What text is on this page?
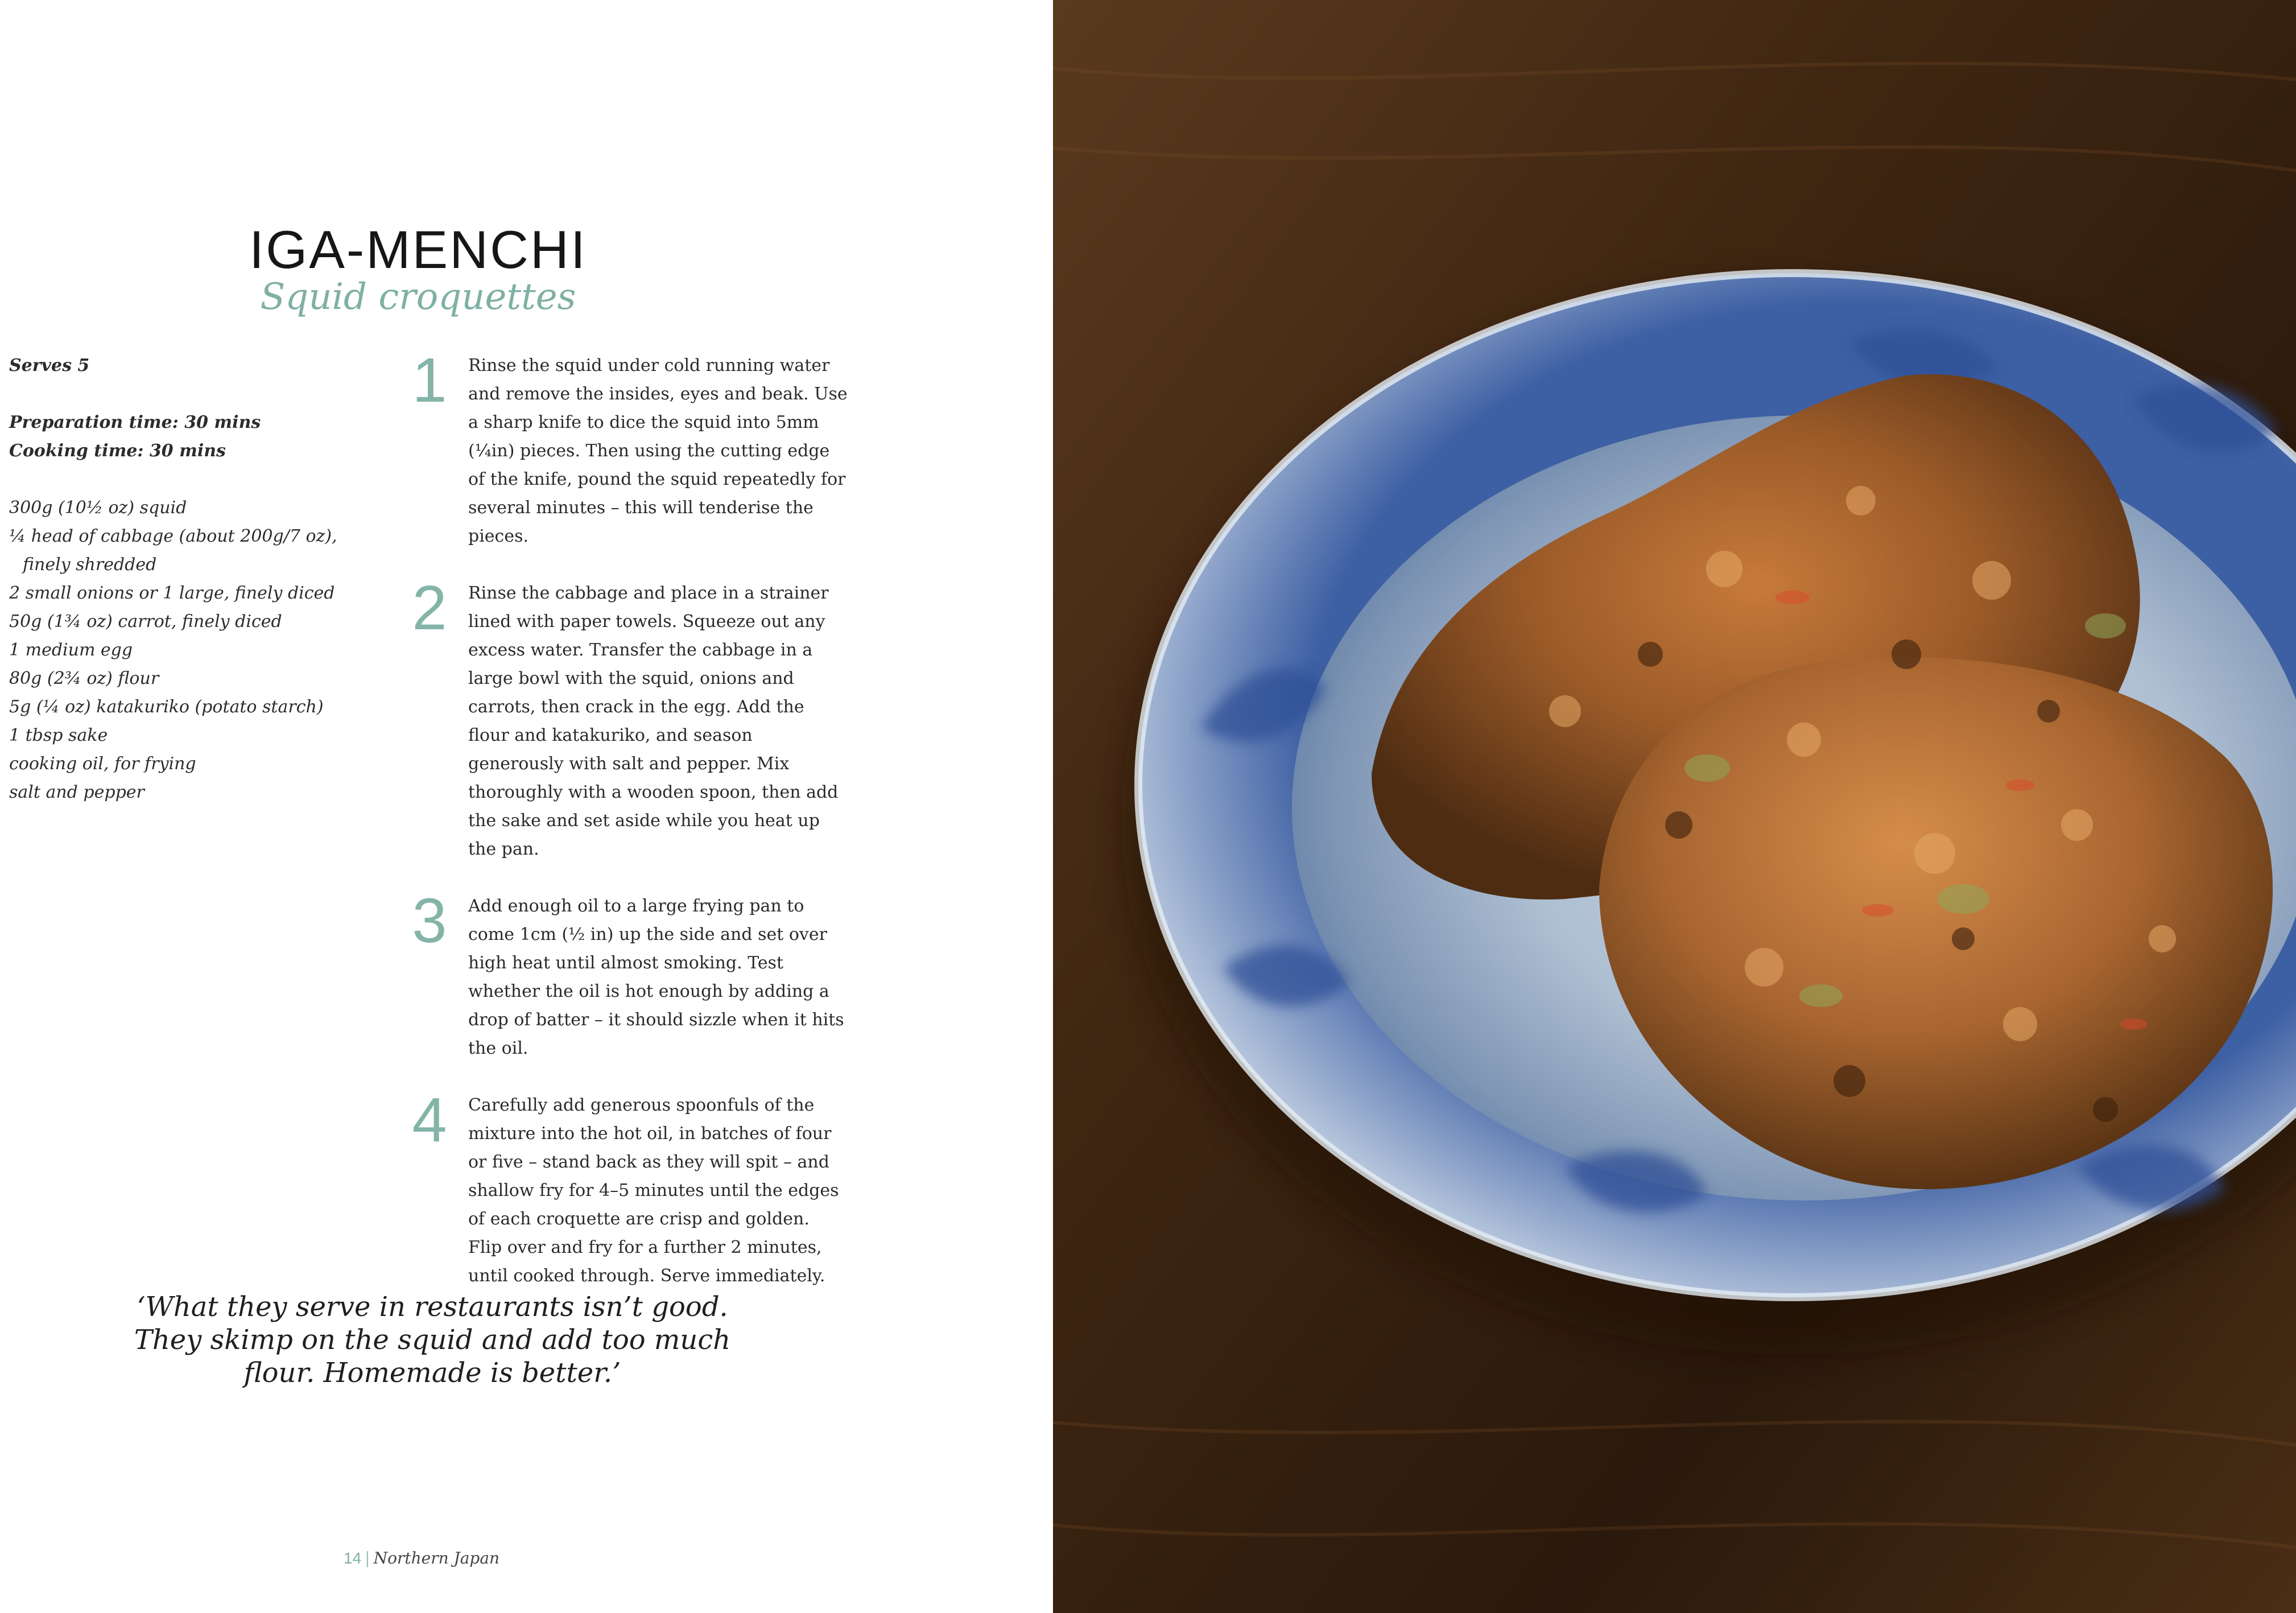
IGA-MENCHI
Squid croquettes
Serves 5
Preparation time: 30 mins
Cooking time: 30 mins
300g (10½ oz) squid
¼ head of cabbage (about 200g/7 oz),
finely shredded
2 small onions or 1 large, finely diced
50g (1¾ oz) carrot, finely diced
1 medium egg
80g (2¾ oz) flour
5g (¼ oz) katakuriko (potato starch)
1 tbsp sake
cooking oil, for frying
salt and pepper
1	Rinse the squid under cold running water and remove the insides, eyes and beak. Use a sharp knife to dice the squid into 5mm (¼in) pieces. Then using the cutting edge of the knife, pound the squid repeatedly for several minutes – this will tenderise the pieces.
2	Rinse the cabbage and place in a strainer lined with paper towels. Squeeze out any excess water. Transfer the cabbage in a large bowl with the squid, onions and carrots, then crack in the egg. Add the flour and katakuriko, and season generously with salt and pepper. Mix thoroughly with a wooden spoon, then add the sake and set aside while you heat up the pan.
3	Add enough oil to a large frying pan to come 1cm (½ in) up the side and set over high heat until almost smoking. Test whether the oil is hot enough by adding a drop of batter – it should sizzle when it hits the oil.
4	Carefully add generous spoonfuls of the mixture into the hot oil, in batches of four or five – stand back as they will spit – and shallow fry for 4–5 minutes until the edges of each croquette are crisp and golden. Flip over and fry for a further 2 minutes, until cooked through. Serve immediately.
‘What they serve in restaurants isn’t good.
They skimp on the squid and add too much
flour. Homemade is better.’
14 | Northern Japan
